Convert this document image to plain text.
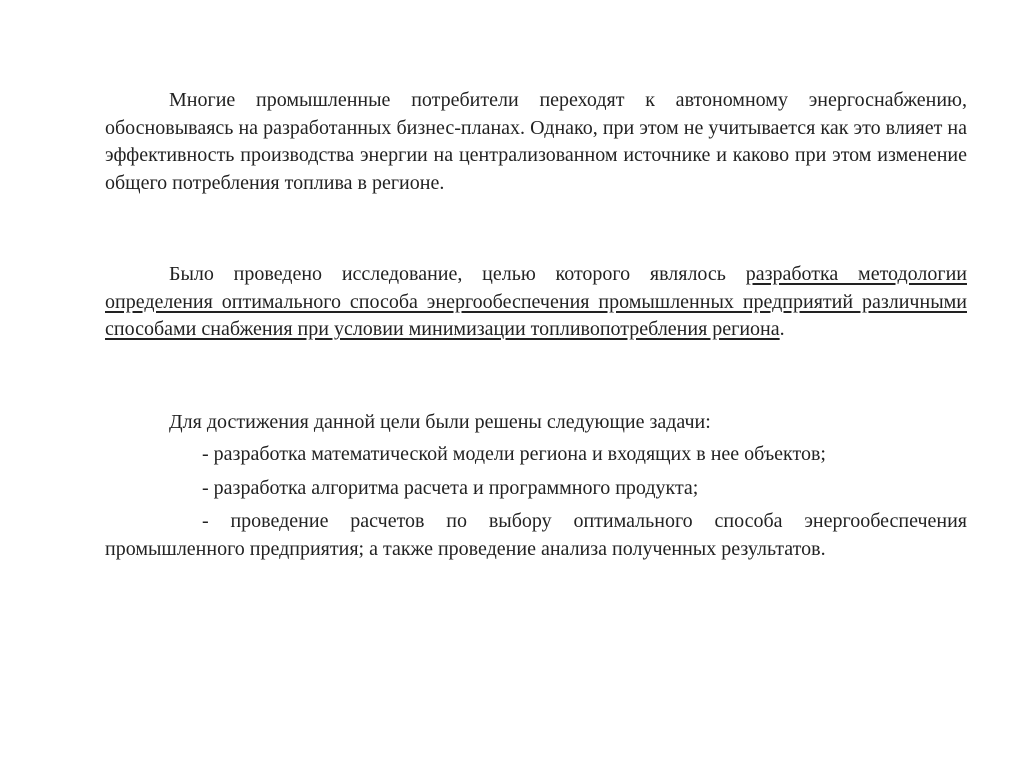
Многие промышленные потребители переходят к автономному энергоснабжению, обосновываясь на разработанных бизнес-планах. Однако, при этом не учитывается как это влияет на эффективность производства энергии на централизованном источнике и каково при этом изменение общего потребления топлива в регионе.

Было проведено исследование, целью которого являлось разработка методологии определения оптимального способа энергообеспечения промышленных предприятий различными способами снабжения при условии минимизации топливопотребления региона.

Для достижения данной цели были решены следующие задачи:
- разработка математической модели региона и входящих в нее объектов;
- разработка алгоритма расчета и программного продукта;
- проведение расчетов по выбору оптимального способа энергообеспечения промышленного предприятия; а также проведение анализа полученных результатов.
